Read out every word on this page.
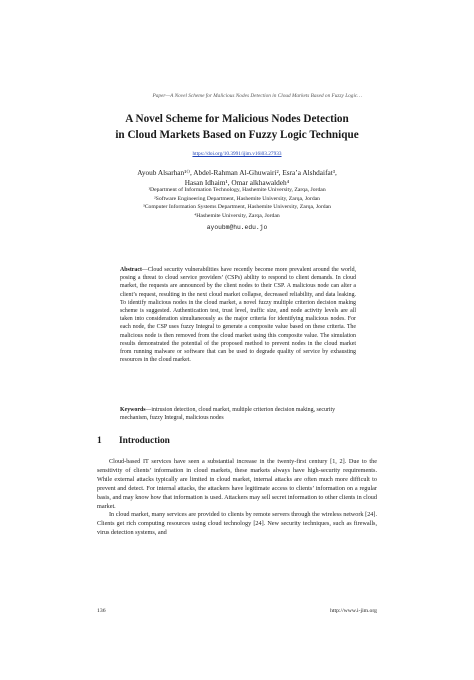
Paper—A Novel Scheme for Malicious Nodes Detection in Cloud Markets Based on Fuzzy Logic…
A Novel Scheme for Malicious Nodes Detection
in Cloud Markets Based on Fuzzy Logic Technique
https://doi.org/10.3991/ijim.v16i03.27933
Ayoub Alsarhan¹⁽⁾, Abdel-Rahman Al-Ghuwairi², Esra’a Alshdaifat³,
Hasan Idhaim¹, Omar alkhawaldeh⁴
¹Department of Information Technology, Hashemite University, Zarqa, Jordan
²Software Engineering Department, Hashemite University, Zarqa, Jordan
³Computer Information Systems Department, Hashemite University, Zarqa, Jordan
⁴Hashemite University, Zarqa, Jordan
ayoubm@hu.edu.jo
Abstract—Cloud security vulnerabilities have recently become more prevalent around the world, posing a threat to cloud service providers’ (CSPs) ability to respond to client demands. In cloud market, the requests are announced by the client nodes to their CSP. A malicious node can alter a client’s request, resulting in the next cloud market collapse, decreased reliability, and data leaking. To identify malicious nodes in the cloud market, a novel fuzzy multiple criterion decision making scheme is suggested. Authentication test, trust level, traffic size, and node activity levels are all taken into consideration simultaneously as the major criteria for identifying malicious nodes. For each node, the CSP uses fuzzy Integral to generate a composite value based on these criteria. The malicious node is then removed from the cloud market using this composite value. The simulation results demonstrated the potential of the proposed method to prevent nodes in the cloud market from running malware or software that can be used to degrade quality of service by exhausting resources in the cloud market.
Keywords—intrusion detection, cloud market, multiple criterion decision making, security mechanism, fuzzy Integral, malicious nodes
1 Introduction

Cloud-based IT services have seen a substantial increase in the twenty-first century [1, 2]. Due to the sensitivity of clients’ information in cloud markets, these markets always have high-security requirements. While external attacks typically are limited in cloud market, internal attacks are often much more difficult to prevent and detect. For internal attacks, the attackers have legitimate access to clients’ information on a regular basis, and may know how that information is used. Attackers may sell secret information to other clients in cloud market.

In cloud market, many services are provided to clients by remote servers through the wireless network [24]. Clients get rich computing resources using cloud technology [24]. New security techniques, such as firewalls, virus detection systems, and

136	http://www.i-jim.org
